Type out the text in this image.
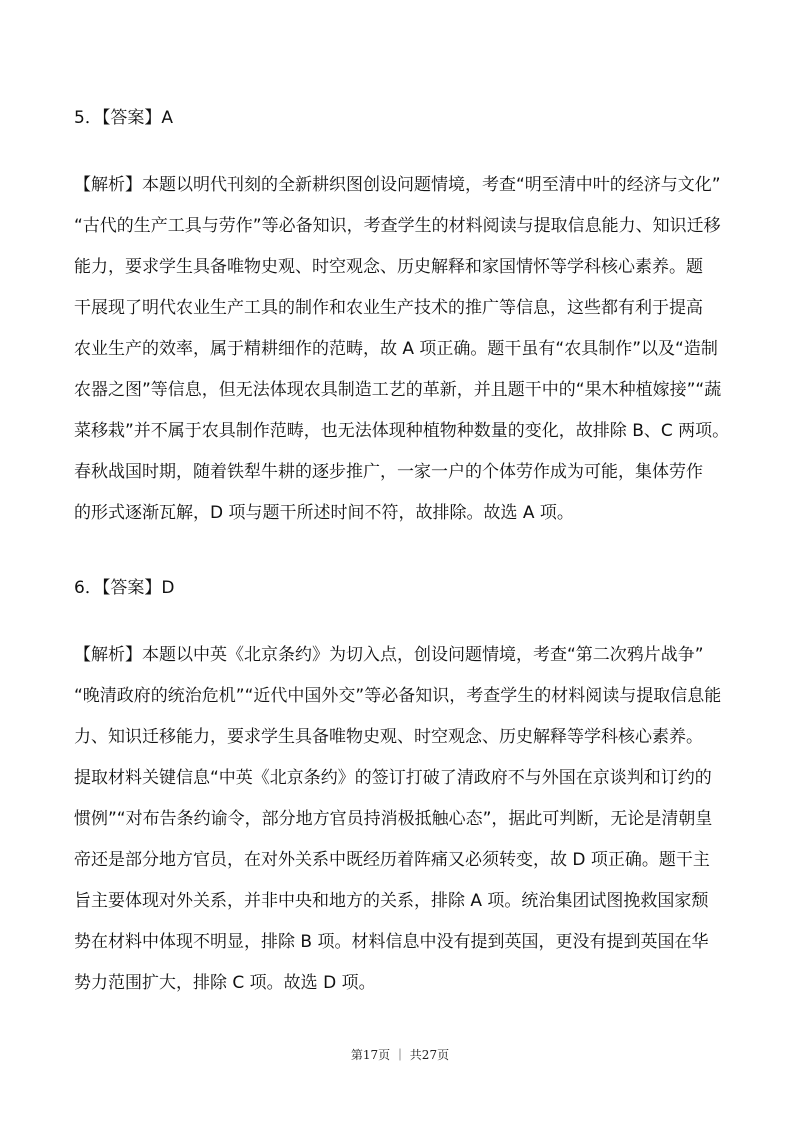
5．【答案】A
【解析】本题以明代刊刻的全新耕织图创设问题情境，考查“明至清中叶的经济与文化”
“古代的生产工具与劳作”等必备知识，考查学生的材料阅读与提取信息能力、知识迁移
能力，要求学生具备唯物史观、时空观念、历史解释和家国情怀等学科核心素养。题
干展现了明代农业生产工具的制作和农业生产技术的推广等信息，这些都有利于提高
农业生产的效率，属于精耕细作的范畴，故 A 项正确。题干虽有“农具制作”以及“造制
农器之图”等信息，但无法体现农具制造工艺的革新，并且题干中的“果木种植嫁接”“蔬
菜移栽”并不属于农具制作范畴，也无法体现种植物种数量的变化，故排除 B、C 两项。
春秋战国时期，随着铁犁牛耕的逐步推广，一家一户的个体劳作成为可能，集体劳作
的形式逐渐瓦解，D 项与题干所述时间不符，故排除。故选 A 项。
6．【答案】D
【解析】本题以中英《北京条约》为切入点，创设问题情境，考查“第二次鸦片战争”
“晚清政府的统治危机”“近代中国外交”等必备知识，考查学生的材料阅读与提取信息能
力、知识迁移能力，要求学生具备唯物史观、时空观念、历史解释等学科核心素养。
提取材料关键信息“中英《北京条约》的签订打破了清政府不与外国在京谈判和订约的
惯例”“对布告条约谕令，部分地方官员持消极抵触心态”，据此可判断，无论是清朝皇
帝还是部分地方官员，在对外关系中既经历着阵痛又必须转变，故 D 项正确。题干主
旨主要体现对外关系，并非中央和地方的关系，排除 A 项。统治集团试图挽救国家颓
势在材料中体现不明显，排除 B 项。材料信息中没有提到英国，更没有提到英国在华
势力范围扩大，排除 C 项。故选 D 项。
第17页 ｜ 共27页
